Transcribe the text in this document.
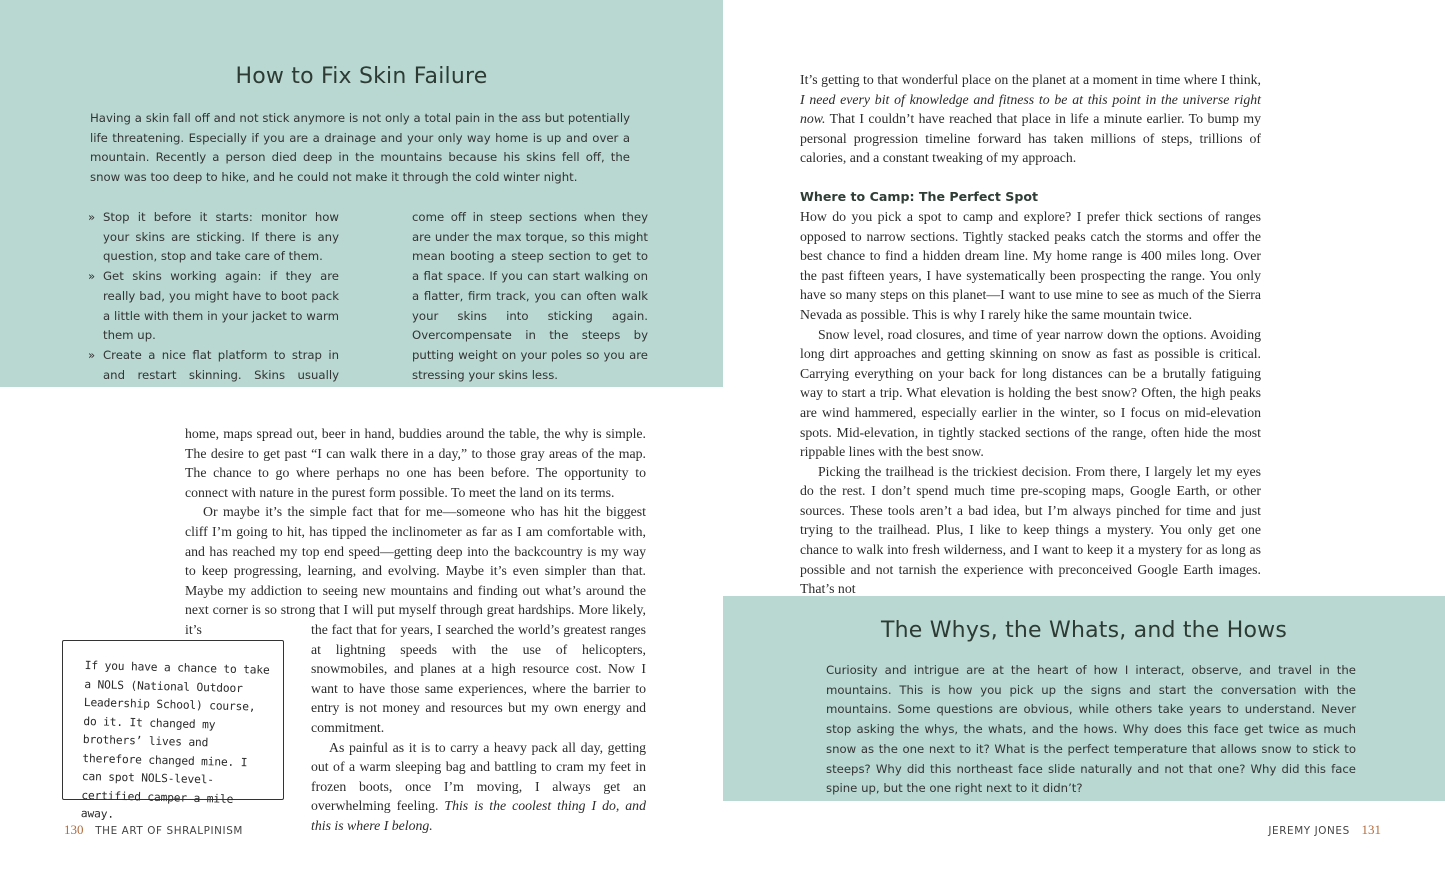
How to Fix Skin Failure

Having a skin fall off and not stick anymore is not only a total pain in the ass but potentially life threatening. Especially if you are a drainage and your only way home is up and over a mountain. Recently a person died deep in the mountains because his skins fell off, the snow was too deep to hike, and he could not make it through the cold winter night.

» Stop it before it starts: monitor how your skins are sticking. If there is any question, stop and take care of them.
» Get skins working again: if they are really bad, you might have to boot pack a little with them in your jacket to warm them up.
» Create a nice flat platform to strap in and restart skinning. Skins usually come off in steep sections when they are under the max torque, so this might mean booting a steep section to get to a flat space. If you can start walking on a flatter, firm track, you can often walk your skins into sticking again. Overcompensate in the steeps by putting weight on your poles so you are stressing your skins less.

home, maps spread out, beer in hand, buddies around the table, the why is simple. The desire to get past “I can walk there in a day,” to those gray areas of the map. The chance to go where perhaps no one has been before. The opportunity to connect with nature in the purest form possible. To meet the land on its terms.

Or maybe it’s the simple fact that for me—someone who has hit the biggest cliff I’m going to hit, has tipped the inclinometer as far as I am comfortable with, and has reached my top end speed—getting deep into the backcountry is my way to keep progressing, learning, and evolving. Maybe it’s even simpler than that. Maybe my addiction to seeing new mountains and finding out what’s around the next corner is so strong that I will put myself through great hardships. More likely, it’s	the fact that for years, I searched the world’s greatest ranges at lightning speeds with the use of helicopters, snowmobiles, and planes at a high resource cost. Now I want to have those same experiences, where the barrier to entry is not money and resources but my own energy and commitment.

As painful as it is to carry a heavy pack all day, getting out of a warm sleeping bag and battling to cram my feet in frozen boots, once I’m moving, I always get an overwhelming feeling. This is the coolest thing I do, and this is where I belong.

If you have a chance to take a NOLS (National Outdoor Leadership School) course, do it. It changed my brothers’ lives and therefore changed mine. I can spot NOLS-level-certified camper a mile away.

130 THE ART OF SHRALPINISM

It’s getting to that wonderful place on the planet at a moment in time where I think, I need every bit of knowledge and fitness to be at this point in the universe right now. That I couldn’t have reached that place in life a minute earlier. To bump my personal progression timeline forward has taken millions of steps, trillions of calories, and a constant tweaking of my approach.

Where to Camp: The Perfect Spot

How do you pick a spot to camp and explore? I prefer thick sections of ranges opposed to narrow sections. Tightly stacked peaks catch the storms and offer the best chance to find a hidden dream line. My home range is 400 miles long. Over the past fifteen years, I have systematically been prospecting the range. You only have so many steps on this planet—I want to use mine to see as much of the Sierra Nevada as possible. This is why I rarely hike the same mountain twice.

Snow level, road closures, and time of year narrow down the options. Avoiding long dirt approaches and getting skinning on snow as fast as possible is critical. Carrying everything on your back for long distances can be a brutally fatiguing way to start a trip. What elevation is holding the best snow? Often, the high peaks are wind hammered, especially earlier in the winter, so I focus on mid-elevation spots. Mid-elevation, in tightly stacked sections of the range, often hide the most rippable lines with the best snow.

Picking the trailhead is the trickiest decision. From there, I largely let my eyes do the rest. I don’t spend much time pre-scoping maps, Google Earth, or other sources. These tools aren’t a bad idea, but I’m always pinched for time and just trying to the trailhead. Plus, I like to keep things a mystery. You only get one chance to walk into fresh wilderness, and I want to keep it a mystery for as long as possible and not tarnish the experience with preconceived Google Earth images. That’s not

The Whys, the Whats, and the Hows

Curiosity and intrigue are at the heart of how I interact, observe, and travel in the mountains. This is how you pick up the signs and start the conversation with the mountains. Some questions are obvious, while others take years to understand. Never stop asking the whys, the whats, and the hows. Why does this face get twice as much snow as the one next to it? What is the perfect temperature that allows snow to stick to steeps? Why did this northeast face slide naturally and not that one? Why did this face spine up, but the one right next to it didn’t?

JEREMY JONES 131
